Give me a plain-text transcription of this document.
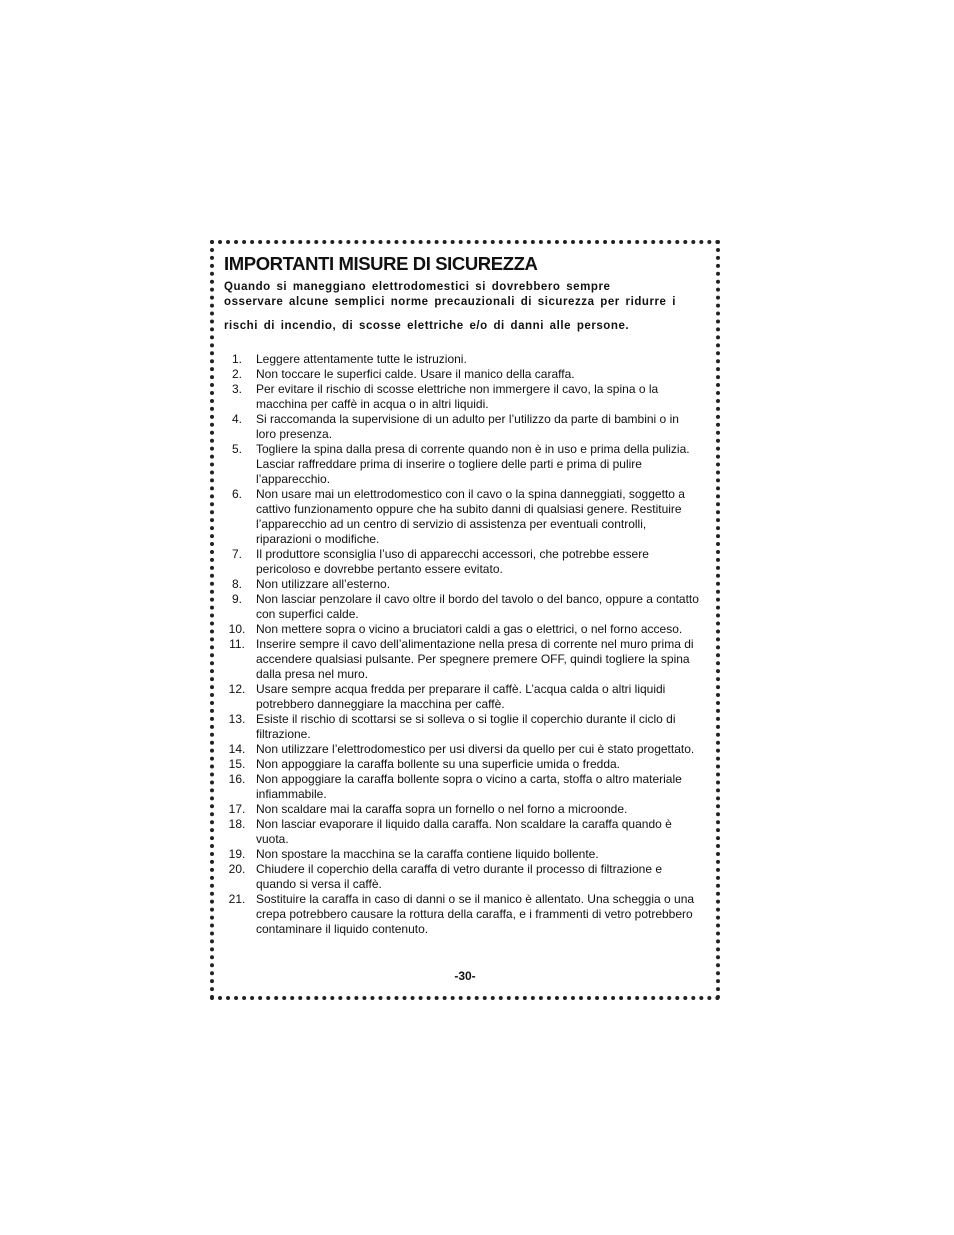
IMPORTANTI MISURE DI SICUREZZA

Quando si maneggiano elettrodomestici si dovrebbero sempre

osservare alcune semplici norme precauzionali di sicurezza per ridurre i

rischi di incendio, di scosse elettriche e/o di danni alle persone.

1.	Leggere attentamente tutte le istruzioni.
2.	Non toccare le superfici calde. Usare il manico della caraffa.
3.	Per evitare il rischio di scosse elettriche non immergere il cavo, la spina o la macchina per caffè in acqua o in altri liquidi.
4.	Si raccomanda la supervisione di un adulto per l’utilizzo da parte di bambini o in loro presenza.
5.	Togliere la spina dalla presa di corrente quando non è in uso e prima della pulizia. Lasciar raffreddare prima di inserire o togliere delle parti e prima di pulire l’apparecchio.
6.	Non usare mai un elettrodomestico con il cavo o la spina danneggiati, soggetto a cattivo funzionamento oppure che ha subito danni di qualsiasi genere. Restituire l’apparecchio ad un centro di servizio di assistenza per eventuali controlli, riparazioni o modifiche.
7.	Il produttore sconsiglia l’uso di apparecchi accessori, che potrebbe essere pericoloso e dovrebbe pertanto essere evitato.
8.	Non utilizzare all’esterno.
9.	Non lasciar penzolare il cavo oltre il bordo del tavolo o del banco, oppure a contatto con superfici calde.
10. Non mettere sopra o vicino a bruciatori caldi a gas o elettrici, o nel forno acceso.
11. Inserire sempre il cavo dell’alimentazione nella presa di corrente nel muro prima di accendere qualsiasi pulsante. Per spegnere premere OFF, quindi togliere la spina dalla presa nel muro.
12. Usare sempre acqua fredda per preparare il caffè. L’acqua calda o altri liquidi potrebbero danneggiare la macchina per caffè.
13. Esiste il rischio di scottarsi se si solleva o si toglie il coperchio durante il ciclo di filtrazione.
14. Non utilizzare l’elettrodomestico per usi diversi da quello per cui è stato progettato.
15. Non appoggiare la caraffa bollente su una superficie umida o fredda.
16. Non appoggiare la caraffa bollente sopra o vicino a carta, stoffa o altro materiale infiammabile.
17. Non scaldare mai la caraffa sopra un fornello o nel forno a microonde.
18. Non lasciar evaporare il liquido dalla caraffa. Non scaldare la caraffa quando è vuota.
19. Non spostare la macchina se la caraffa contiene liquido bollente.
20. Chiudere il coperchio della caraffa di vetro durante il processo di filtrazione e quando si versa il caffè.
21. Sostituire la caraffa in caso di danni o se il manico è allentato. Una scheggia o una crepa potrebbero causare la rottura della caraffa, e i frammenti di vetro potrebbero contaminare il liquido contenuto.
-30-
